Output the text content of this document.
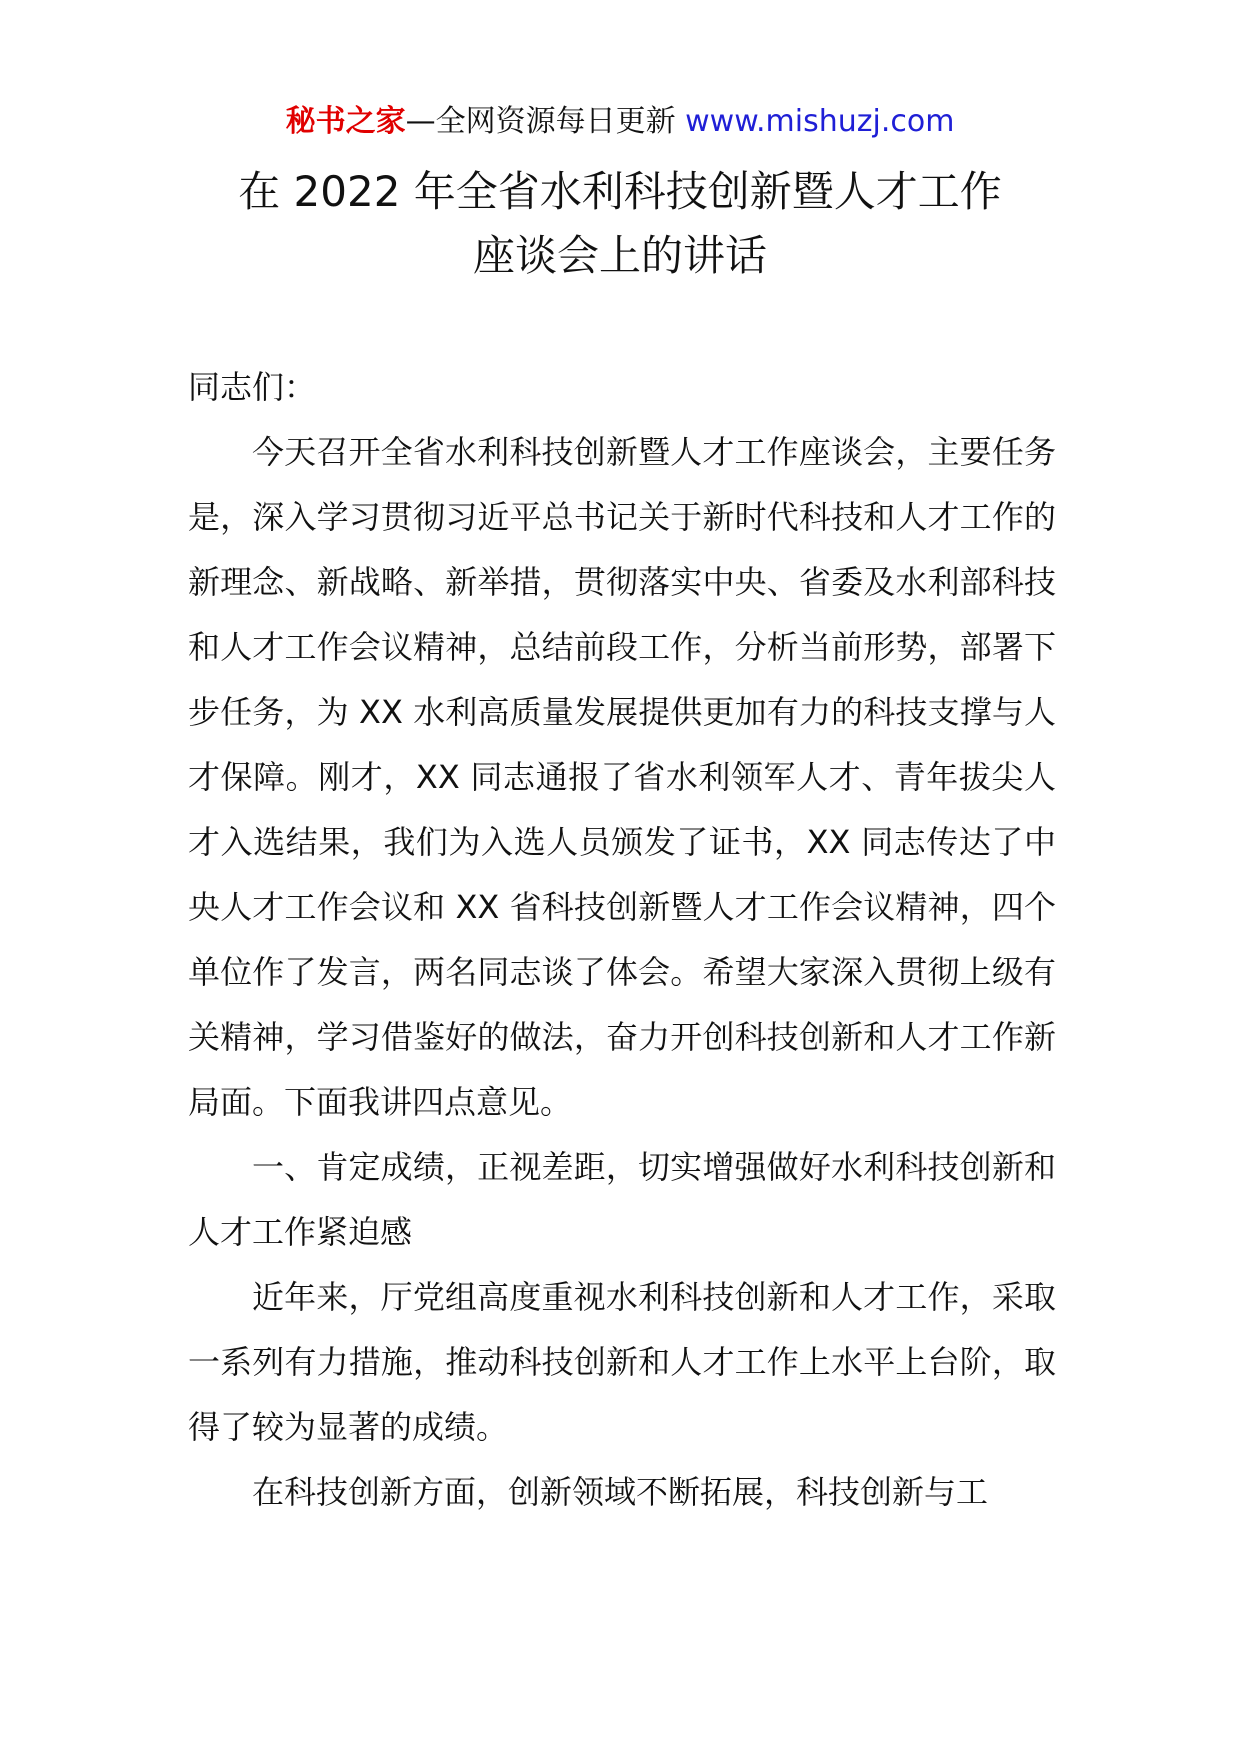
秘书之家—全网资源每日更新 www.mishuzj.com
在 2022 年全省水利科技创新暨人才工作
座谈会上的讲话

同志们：

今天召开全省水利科技创新暨人才工作座谈会，主要任务是，深入学习贯彻习近平总书记关于新时代科技和人才工作的新理念、新战略、新举措，贯彻落实中央、省委及水利部科技和人才工作会议精神，总结前段工作，分析当前形势，部署下步任务，为 XX 水利高质量发展提供更加有力的科技支撑与人才保障。刚才，XX 同志通报了省水利领军人才、青年拔尖人才入选结果，我们为入选人员颁发了证书，XX 同志传达了中央人才工作会议和 XX 省科技创新暨人才工作会议精神，四个单位作了发言，两名同志谈了体会。希望大家深入贯彻上级有关精神，学习借鉴好的做法，奋力开创科技创新和人才工作新局面。下面我讲四点意见。

一、肯定成绩，正视差距，切实增强做好水利科技创新和人才工作紧迫感

近年来，厅党组高度重视水利科技创新和人才工作，采取一系列有力措施，推动科技创新和人才工作上水平上台阶，取得了较为显著的成绩。

在科技创新方面，创新领域不断拓展，科技创新与工
